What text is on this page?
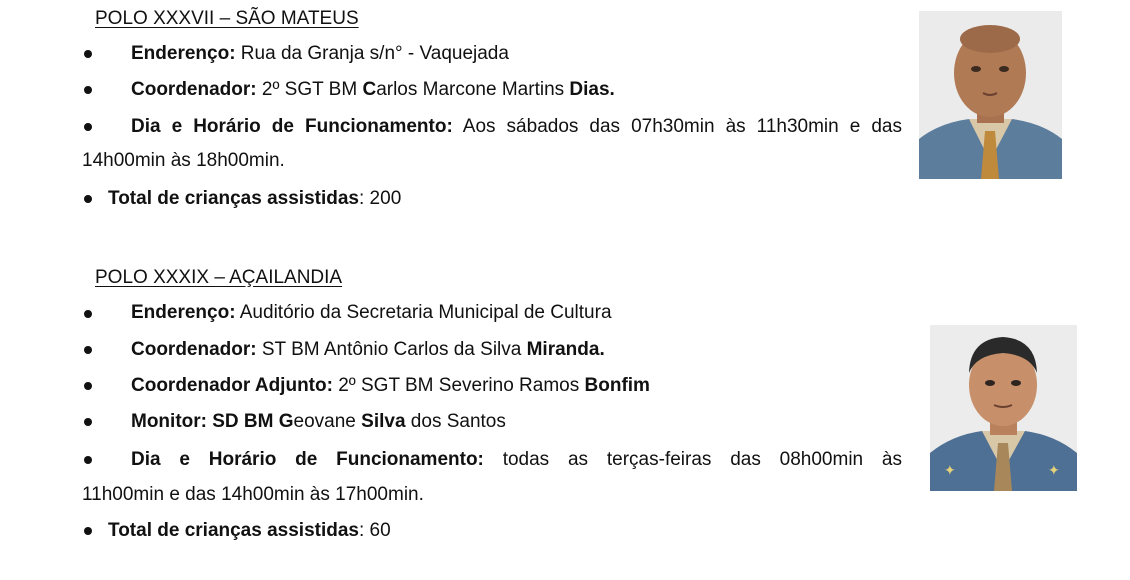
POLO XXXVII – SÃO MATEUS
Enderenço: Rua da Granja s/n° - Vaquejada
Coordenador: 2º SGT BM Carlos Marcone Martins Dias.
Dia e Horário de Funcionamento: Aos sábados das 07h30min às 11h30min e das
14h00min às 18h00min.
Total de crianças assistidas: 200
POLO XXXIX – AÇAILANDIA
Enderenço: Auditório da Secretaria Municipal de Cultura
Coordenador: ST BM Antônio Carlos da Silva Miranda.
Coordenador Adjunto: 2º SGT BM Severino Ramos Bonfim
Monitor: SD BM Geovane Silva dos Santos
Dia e Horário de Funcionamento: todas as terças-feiras das 08h00min às
11h00min e das 14h00min às 17h00min.
Total de crianças assistidas: 60
✦	✦
